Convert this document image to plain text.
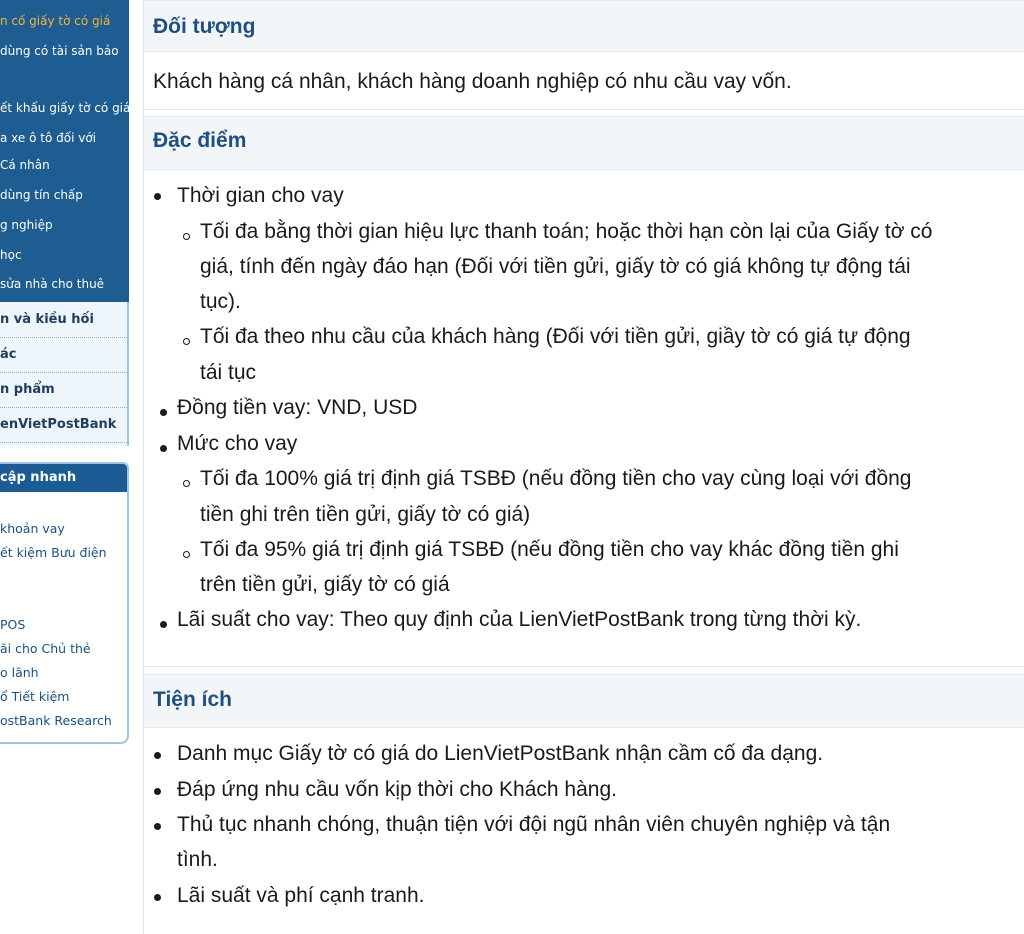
n cố giấy tờ có giá
dùng có tài sản bảo
ết khấu giấy tờ có giá
a xe ô tô đối với
Cá nhân
dùng tín chấp
g nghiệp
học
sửa nhà cho thuê
n và kiều hối
ác
n phẩm
enVietPostBank
cập nhanh
khoản vay
ết kiệm Bưu điện
POS
ãi cho Chủ thẻ
o lãnh
ổ Tiết kiệm
ostBank Research
Đối tượng
Khách hàng cá nhân, khách hàng doanh nghiệp có nhu cầu vay vốn.
Đặc điểm
Thời gian cho vay
Tối đa bằng thời gian hiệu lực thanh toán; hoặc thời hạn còn lại của Giấy tờ có
giá, tính đến ngày đáo hạn (Đối với tiền gửi, giấy tờ có giá không tự động tái
tục).
Tối đa theo nhu cầu của khách hàng (Đối với tiền gửi, giầy tờ có giá tự động
tái tục
Đồng tiền vay: VND, USD
Mức cho vay
Tối đa 100% giá trị định giá TSBĐ (nếu đồng tiền cho vay cùng loại với đồng
tiền ghi trên tiền gửi, giấy tờ có giá)
Tối đa 95% giá trị định giá TSBĐ (nếu đồng tiền cho vay khác đồng tiền ghi
trên tiền gửi, giấy tờ có giá
Lãi suất cho vay: Theo quy định của LienVietPostBank trong từng thời kỳ.
Tiện ích
Danh mục Giấy tờ có giá do LienVietPostBank nhận cầm cố đa dạng.
Đáp ứng nhu cầu vốn kịp thời cho Khách hàng.
Thủ tục nhanh chóng, thuận tiện với đội ngũ nhân viên chuyên nghiệp và tận
tình.
Lãi suất và phí cạnh tranh.
